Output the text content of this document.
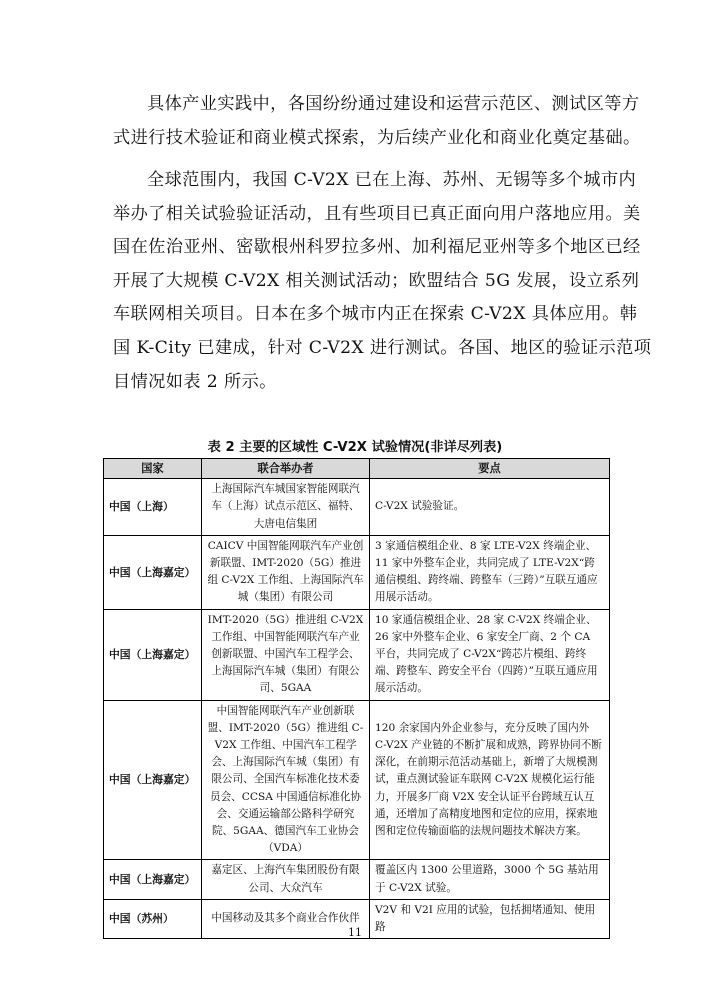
具体产业实践中，各国纷纷通过建设和运营示范区、测试区等方
式进行技术验证和商业模式探索，为后续产业化和商业化奠定基础。

全球范围内，我国 C-V2X 已在上海、苏州、无锡等多个城市内
举办了相关试验验证活动，且有些项目已真正面向用户落地应用。美
国在佐治亚州、密歇根州科罗拉多州、加利福尼亚州等多个地区已经
开展了大规模 C-V2X 相关测试活动；欧盟结合 5G 发展，设立系列
车联网相关项目。日本在多个城市内正在探索 C-V2X 具体应用。韩
国 K-City 已建成，针对 C-V2X 进行测试。各国、地区的验证示范项
目情况如表 2 所示。

表 2 主要的区域性 C-V2X 试验情况(非详尽列表)
国家	联合举办者	要点
中国（上海）	上海国际汽车城国家智能网联汽车（上海）试点示范区、福特、大唐电信集团	C-V2X 试验验证。
中国（上海嘉定）	CAICV 中国智能网联汽车产业创新联盟、IMT-2020（5G）推进组 C-V2X 工作组、上海国际汽车城（集团）有限公司	3 家通信模组企业、8 家 LTE-V2X 终端企业、11 家中外整车企业，共同完成了 LTE-V2X“跨通信模组、跨终端、跨整车（三跨）”互联互通应用展示活动。
中国（上海嘉定）	IMT-2020（5G）推进组 C-V2X 工作组、中国智能网联汽车产业创新联盟、中国汽车工程学会、上海国际汽车城（集团）有限公司、5GAA	10 家通信模组企业、28 家 C-V2X 终端企业、26 家中外整车企业、6 家安全厂商、2 个 CA 平台，共同完成了 C-V2X“跨芯片模组、跨终端、跨整车、跨安全平台（四跨）”互联互通应用展示活动。
中国（上海嘉定）	中国智能网联汽车产业创新联盟、IMT-2020（5G）推进组 C-V2X 工作组、中国汽车工程学会、上海国际汽车城（集团）有限公司、全国汽车标准化技术委员会、CCSA 中国通信标准化协会、交通运输部公路科学研究院、5GAA、德国汽车工业协会（VDA）	120 余家国内外企业参与，充分反映了国内外 C-V2X 产业链的不断扩展和成熟，跨界协同不断深化，在前期示范活动基础上，新增了大规模测试，重点测试验证车联网 C-V2X 规模化运行能力，开展多厂商 V2X 安全认证平台跨域互认互通，还增加了高精度地图和定位的应用，探索地图和定位传输面临的法规问题技术解决方案。
中国（上海嘉定）	嘉定区、上海汽车集团股份有限公司、大众汽车	覆盖区内 1300 公里道路，3000 个 5G 基站用于 C-V2X 试验。
中国（苏州）	中国移动及其多个商业合作伙伴	V2V 和 V2I 应用的试验，包括拥堵通知、使用路
11
